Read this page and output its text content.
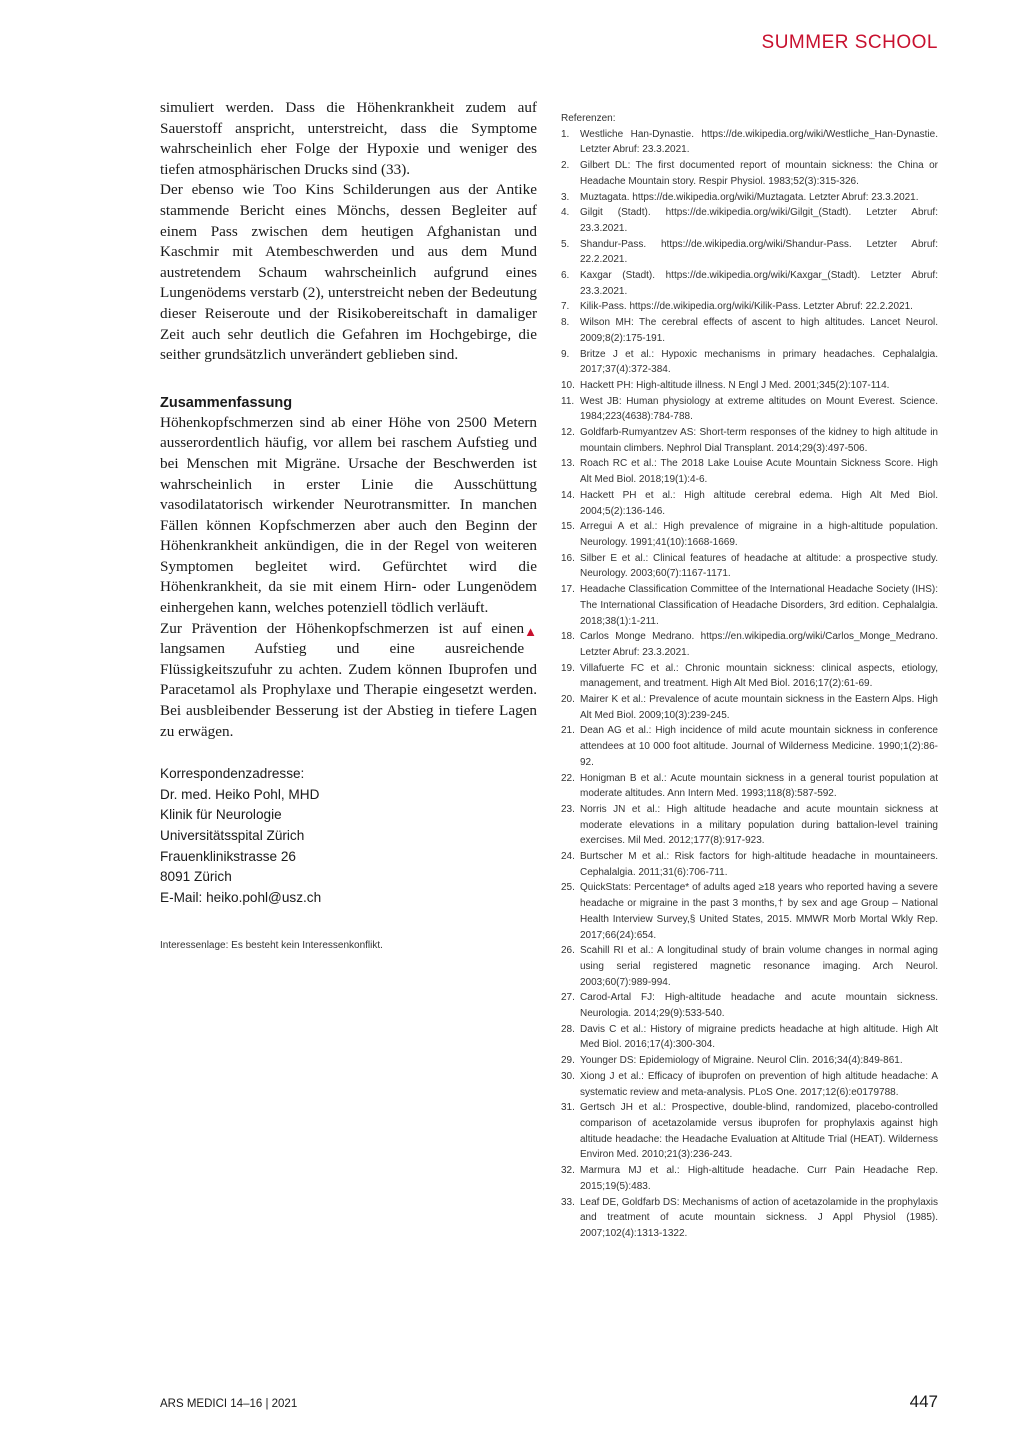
SUMMER SCHOOL

simuliert werden. Dass die Höhenkrankheit zudem auf Sauerstoff anspricht, unterstreicht, dass die Symptome wahrscheinlich eher Folge der Hypoxie und weniger des tiefen atmosphärischen Drucks sind (33).

Der ebenso wie Too Kins Schilderungen aus der Antike stammende Bericht eines Mönchs, dessen Begleiter auf einem Pass zwischen dem heutigen Afghanistan und Kaschmir mit Atembeschwerden und aus dem Mund austretendem Schaum wahrscheinlich aufgrund eines Lungenödems verstarb (2), unterstreicht neben der Bedeutung dieser Reiseroute und der Risikobereitschaft in damaliger Zeit auch sehr deutlich die Gefahren im Hochgebirge, die seither grundsätzlich unverändert geblieben sind.

Zusammenfassung

Höhenkopfschmerzen sind ab einer Höhe von 2500 Metern ausserordentlich häufig, vor allem bei raschem Aufstieg und bei Menschen mit Migräne. Ursache der Beschwerden ist wahrscheinlich in erster Linie die Ausschüttung vasodilatatorisch wirkender Neurotransmitter. In manchen Fällen können Kopfschmerzen aber auch den Beginn der Höhenkrankheit ankündigen, die in der Regel von weiteren Symptomen begleitet wird. Gefürchtet wird die Höhenkrankheit, da sie mit einem Hirn- oder Lungenödem einhergehen kann, welches potenziell tödlich verläuft.

▲
Zur Prävention der Höhenkopfschmerzen ist auf einen langsamen Aufstieg und eine ausreichende Flüssigkeitszufuhr zu achten. Zudem können Ibuprofen und Paracetamol als Prophylaxe und Therapie eingesetzt werden. Bei ausbleibender Besserung ist der Abstieg in tiefere Lagen zu erwägen.

Korrespondenzadresse:
Dr. med. Heiko Pohl, MHD
Klinik für Neurologie
Universitätsspital Zürich
Frauenklinikstrasse 26
8091 Zürich
E-Mail: heiko.pohl@usz.ch
Interessenlage: Es besteht kein Interessenkonflikt.
Referenzen:
1.	Westliche Han-Dynastie. https://de.wikipedia.org/wiki/Westliche_Han-Dynastie. Letzter Abruf: 23.3.2021.
2.	Gilbert DL: The first documented report of mountain sickness: the China or Headache Mountain story. Respir Physiol. 1983;52(3):315-326.
3.	Muztagata. https://de.wikipedia.org/wiki/Muztagata. Letzter Abruf: 23.3.2021.
4.	Gilgit (Stadt). https://de.wikipedia.org/wiki/Gilgit_(Stadt). Letzter Abruf: 23.3.2021.
5.	Shandur-Pass. https://de.wikipedia.org/wiki/Shandur-Pass. Letzter Abruf: 22.2.2021.
6.	Kaxgar (Stadt). https://de.wikipedia.org/wiki/Kaxgar_(Stadt). Letzter Abruf: 23.3.2021.
7.	Kilik-Pass. https://de.wikipedia.org/wiki/Kilik-Pass. Letzter Abruf: 22.2.2021.
8.	Wilson MH: The cerebral effects of ascent to high altitudes. Lancet Neurol. 2009;8(2):175-191.
9.	Britze J et al.: Hypoxic mechanisms in primary headaches. Cephalalgia. 2017;37(4):372-384.
10. Hackett PH: High-altitude illness. N Engl J Med. 2001;345(2):107-114.
11. West JB: Human physiology at extreme altitudes on Mount Everest. Science. 1984;223(4638):784-788.
12. Goldfarb-Rumyantzev AS: Short-term responses of the kidney to high altitude in mountain climbers. Nephrol Dial Transplant. 2014;29(3):497-506.
13. Roach RC et al.: The 2018 Lake Louise Acute Mountain Sickness Score. High Alt Med Biol. 2018;19(1):4-6.
14. Hackett PH et al.: High altitude cerebral edema. High Alt Med Biol. 2004;5(2):136-146.
15. Arregui A et al.: High prevalence of migraine in a high-altitude population. Neurology. 1991;41(10):1668-1669.
16. Silber E et al.: Clinical features of headache at altitude: a prospective study. Neurology. 2003;60(7):1167-1171.
17. Headache Classification Committee of the International Headache Society (IHS): The International Classification of Headache Disorders, 3rd edition. Cephalalgia. 2018;38(1):1-211.
18. Carlos Monge Medrano. https://en.wikipedia.org/wiki/Carlos_Monge_Medrano. Letzter Abruf: 23.3.2021.
19. Villafuerte FC et al.: Chronic mountain sickness: clinical aspects, etiology, management, and treatment. High Alt Med Biol. 2016;17(2):61-69.
20. Mairer K et al.: Prevalence of acute mountain sickness in the Eastern Alps. High Alt Med Biol. 2009;10(3):239-245.
21. Dean AG et al.: High incidence of mild acute mountain sickness in conference attendees at 10 000 foot altitude. Journal of Wilderness Medicine. 1990;1(2):86-92.
22. Honigman B et al.: Acute mountain sickness in a general tourist population at moderate altitudes. Ann Intern Med. 1993;118(8):587-592.
23. Norris JN et al.: High altitude headache and acute mountain sickness at moderate elevations in a military population during battalion-level training exercises. Mil Med. 2012;177(8):917-923.
24. Burtscher M et al.: Risk factors for high-altitude headache in mountaineers. Cephalalgia. 2011;31(6):706-711.
25. QuickStats: Percentage* of adults aged ≥18 years who reported having a severe headache or migraine in the past 3 months,† by sex and age Group – National Health Interview Survey,§ United States, 2015. MMWR Morb Mortal Wkly Rep. 2017;66(24):654.
26. Scahill RI et al.: A longitudinal study of brain volume changes in normal aging using serial registered magnetic resonance imaging. Arch Neurol. 2003;60(7):989-994.
27. Carod-Artal FJ: High-altitude headache and acute mountain sickness. Neurologia. 2014;29(9):533-540.
28. Davis C et al.: History of migraine predicts headache at high altitude. High Alt Med Biol. 2016;17(4):300-304.
29. Younger DS: Epidemiology of Migraine. Neurol Clin. 2016;34(4):849-861.
30. Xiong J et al.: Efficacy of ibuprofen on prevention of high altitude headache: A systematic review and meta-analysis. PLoS One. 2017;12(6):e0179788.
31. Gertsch JH et al.: Prospective, double-blind, randomized, placebo-controlled comparison of acetazolamide versus ibuprofen for prophylaxis against high altitude headache: the Headache Evaluation at Altitude Trial (HEAT). Wilderness Environ Med. 2010;21(3):236-243.
32. Marmura MJ et al.: High-altitude headache. Curr Pain Headache Rep. 2015;19(5):483.
33. Leaf DE, Goldfarb DS: Mechanisms of action of acetazolamide in the prophylaxis and treatment of acute mountain sickness. J Appl Physiol (1985). 2007;102(4):1313-1322.
ARS MEDICI 14–16 | 2021	447
